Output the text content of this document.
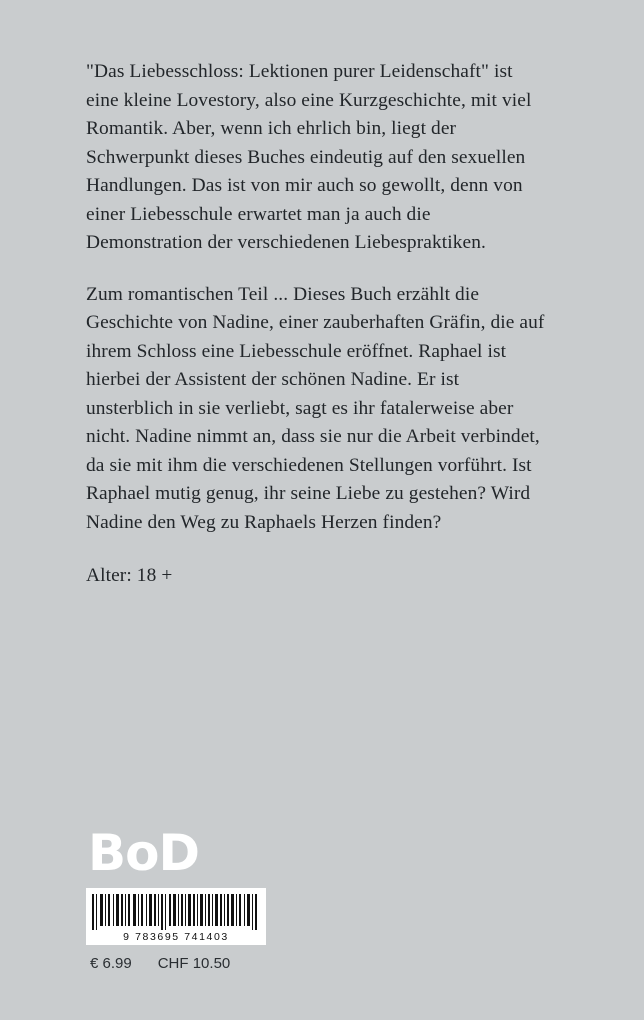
"Das Liebesschloss: Lektionen purer Leidenschaft" ist eine kleine Lovestory, also eine Kurzgeschichte, mit viel Romantik. Aber, wenn ich ehrlich bin, liegt der Schwerpunkt dieses Buches eindeutig auf den sexuellen Handlungen. Das ist von mir auch so gewollt, denn von einer Liebesschule erwartet man ja auch die Demonstration der verschiedenen Liebespraktiken.

Zum romantischen Teil ... Dieses Buch erzählt die Geschichte von Nadine, einer zauberhaften Gräfin, die auf ihrem Schloss eine Liebesschule eröffnet. Raphael ist hierbei der Assistent der schönen Nadine. Er ist unsterblich in sie verliebt, sagt es ihr fatalerweise aber nicht. Nadine nimmt an, dass sie nur die Arbeit verbindet, da sie mit ihm die verschiedenen Stellungen vorführt. Ist Raphael mutig genug, ihr seine Liebe zu gestehen? Wird Nadine den Weg zu Raphaels Herzen finden?

Alter: 18 +

BoD
9 783695 741403
€ 6.99 CHF 10.50
